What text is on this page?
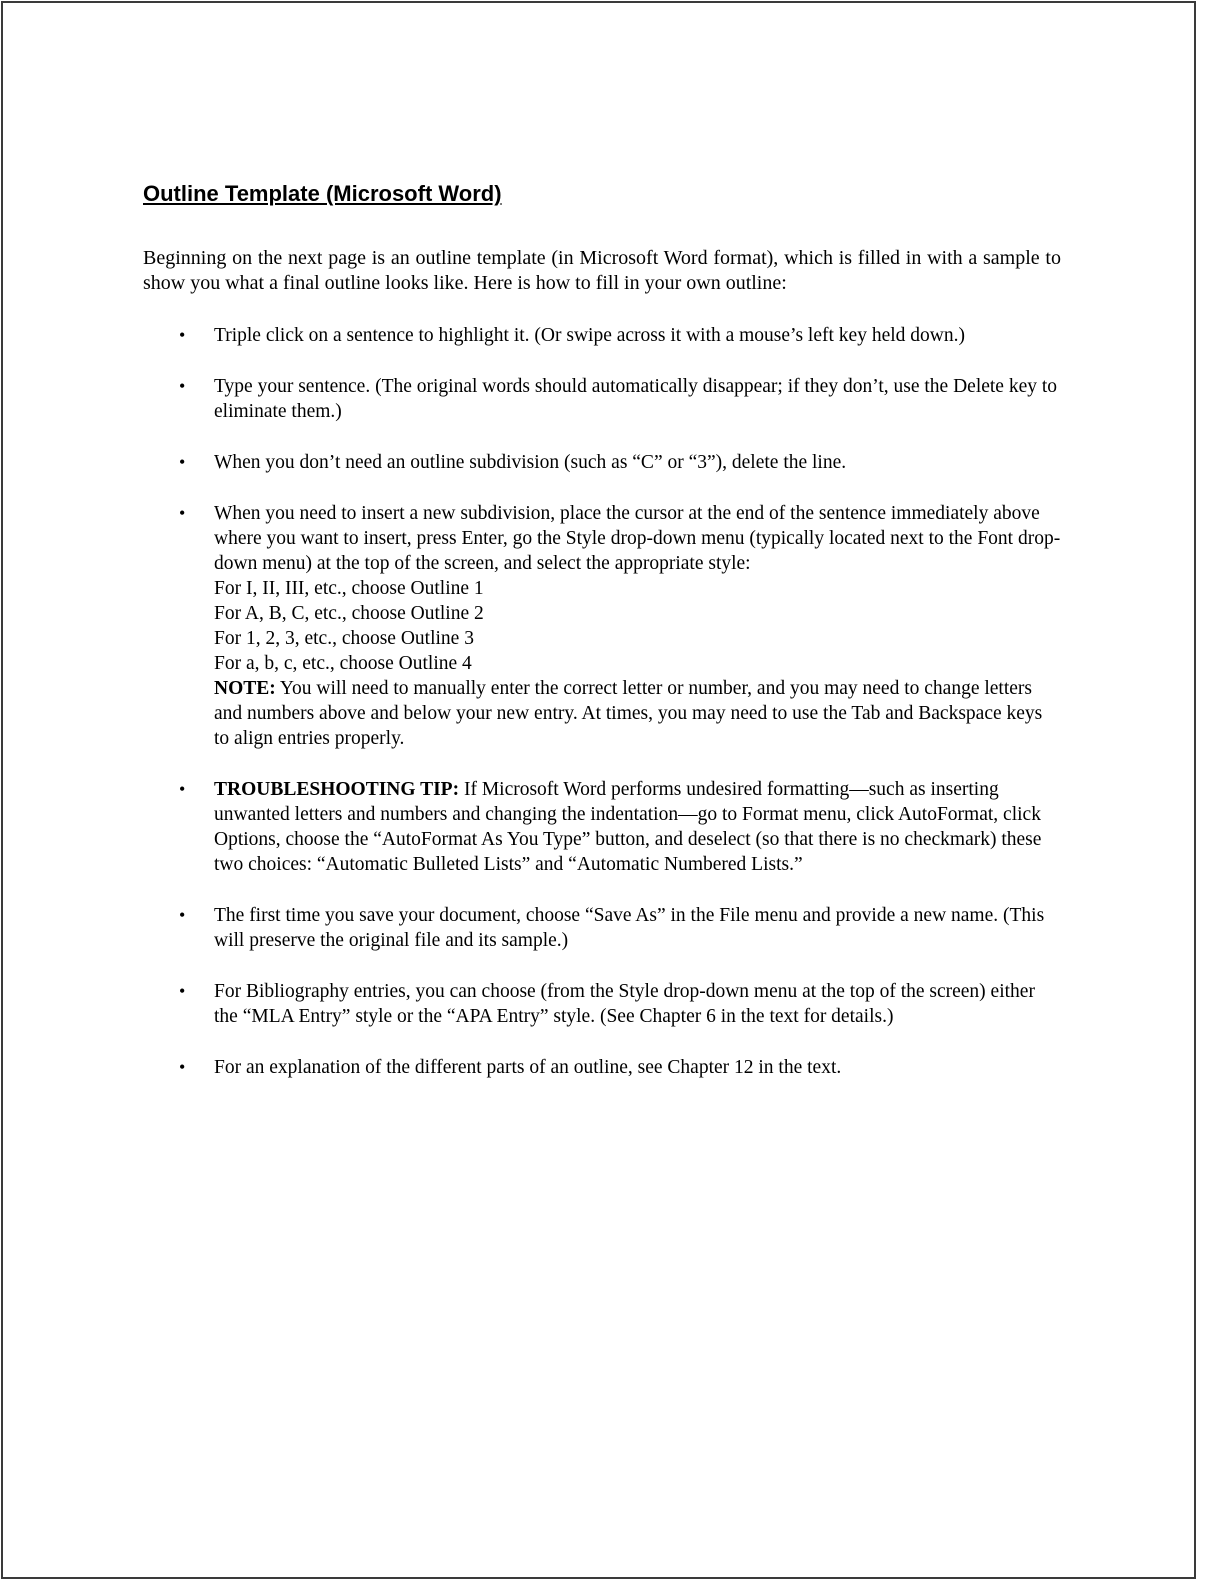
Outline Template (Microsoft Word)

Beginning on the next page is an outline template (in Microsoft Word format), which is filled in with a sample to show you what a final outline looks like. Here is how to fill in your own outline:

• Triple click on a sentence to highlight it. (Or swipe across it with a mouse’s left key held down.)

• Type your sentence. (The original words should automatically disappear; if they don’t, use the Delete key to eliminate them.)

• When you don’t need an outline subdivision (such as “C” or “3”), delete the line.

• When you need to insert a new subdivision, place the cursor at the end of the sentence immediately above where you want to insert, press Enter, go the Style drop-down menu (typically located next to the Font drop-down menu) at the top of the screen, and select the appropriate style:

For I, II, III, etc., choose Outline 1
For A, B, C, etc., choose Outline 2
For 1, 2, 3, etc., choose Outline 3
For a, b, c, etc., choose Outline 4

NOTE: You will need to manually enter the correct letter or number, and you may need to change letters and numbers above and below your new entry. At times, you may need to use the Tab and Backspace keys to align entries properly.

• TROUBLESHOOTING TIP: If Microsoft Word performs undesired formatting—such as inserting unwanted letters and numbers and changing the indentation—go to Format menu, click AutoFormat, click Options, choose the “AutoFormat As You Type” button, and deselect (so that there is no checkmark) these two choices: “Automatic Bulleted Lists” and “Automatic Numbered Lists.”

• The first time you save your document, choose “Save As” in the File menu and provide a new name. (This will preserve the original file and its sample.)

• For Bibliography entries, you can choose (from the Style drop-down menu at the top of the screen) either the “MLA Entry” style or the “APA Entry” style. (See Chapter 6 in the text for details.)

• For an explanation of the different parts of an outline, see Chapter 12 in the text.
